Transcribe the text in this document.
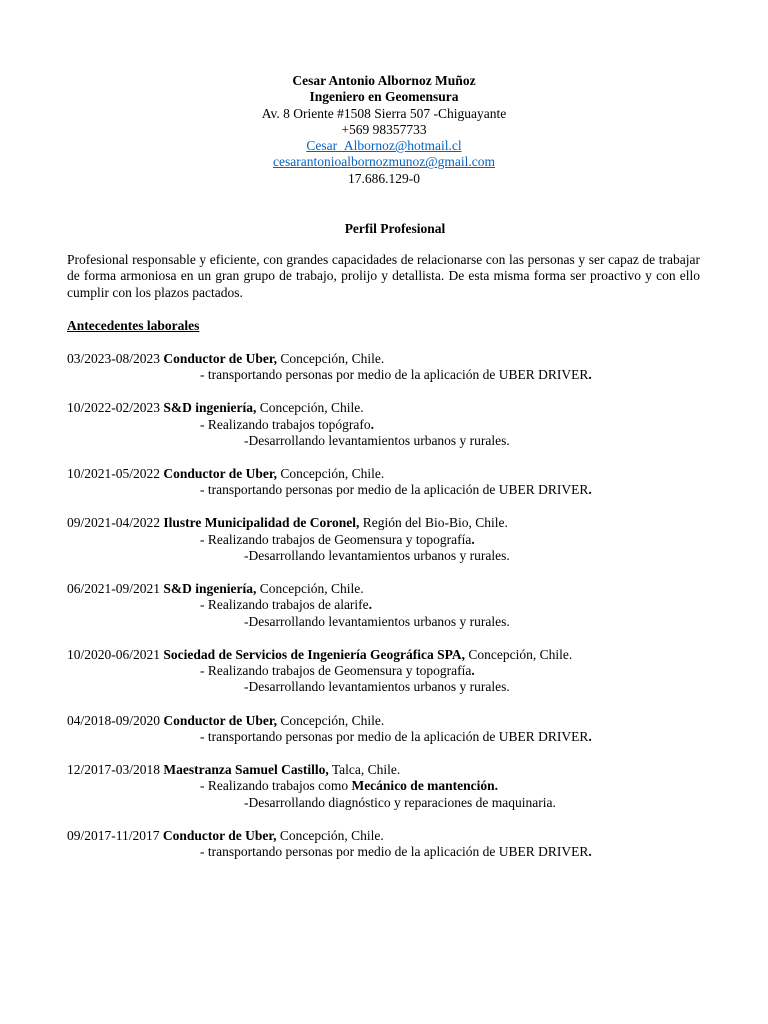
Cesar Antonio Albornoz Muñoz
Ingeniero en Geomensura
Av. 8 Oriente #1508 Sierra 507 -Chiguayante
+569 98357733
Cesar_Albornoz@hotmail.cl
cesarantonioalbornozmunoz@gmail.com
17.686.129-0
Perfil Profesional
Profesional responsable y eficiente, con grandes capacidades de relacionarse con las personas y ser capaz de trabajar de forma armoniosa en un gran grupo de trabajo, prolijo y detallista. De esta misma forma ser proactivo y con ello cumplir con los plazos pactados.
Antecedentes laborales
03/2023-08/2023 Conductor de Uber, Concepción, Chile.
- transportando personas por medio de la aplicación de UBER DRIVER.
10/2022-02/2023 S&D ingeniería, Concepción, Chile.
- Realizando trabajos topógrafo.
-Desarrollando levantamientos urbanos y rurales.
10/2021-05/2022 Conductor de Uber, Concepción, Chile.
- transportando personas por medio de la aplicación de UBER DRIVER.
09/2021-04/2022 Ilustre Municipalidad de Coronel, Región del Bio-Bio, Chile.
- Realizando trabajos de Geomensura y topografía.
-Desarrollando levantamientos urbanos y rurales.
06/2021-09/2021 S&D ingeniería, Concepción, Chile.
- Realizando trabajos de alarife.
-Desarrollando levantamientos urbanos y rurales.
10/2020-06/2021 Sociedad de Servicios de Ingeniería Geográfica SPA, Concepción, Chile.
- Realizando trabajos de Geomensura y topografía.
-Desarrollando levantamientos urbanos y rurales.
04/2018-09/2020 Conductor de Uber, Concepción, Chile.
- transportando personas por medio de la aplicación de UBER DRIVER.
12/2017-03/2018 Maestranza Samuel Castillo, Talca, Chile.
- Realizando trabajos como Mecánico de mantención.
-Desarrollando diagnóstico y reparaciones de maquinaria.
09/2017-11/2017 Conductor de Uber, Concepción, Chile.
- transportando personas por medio de la aplicación de UBER DRIVER.
